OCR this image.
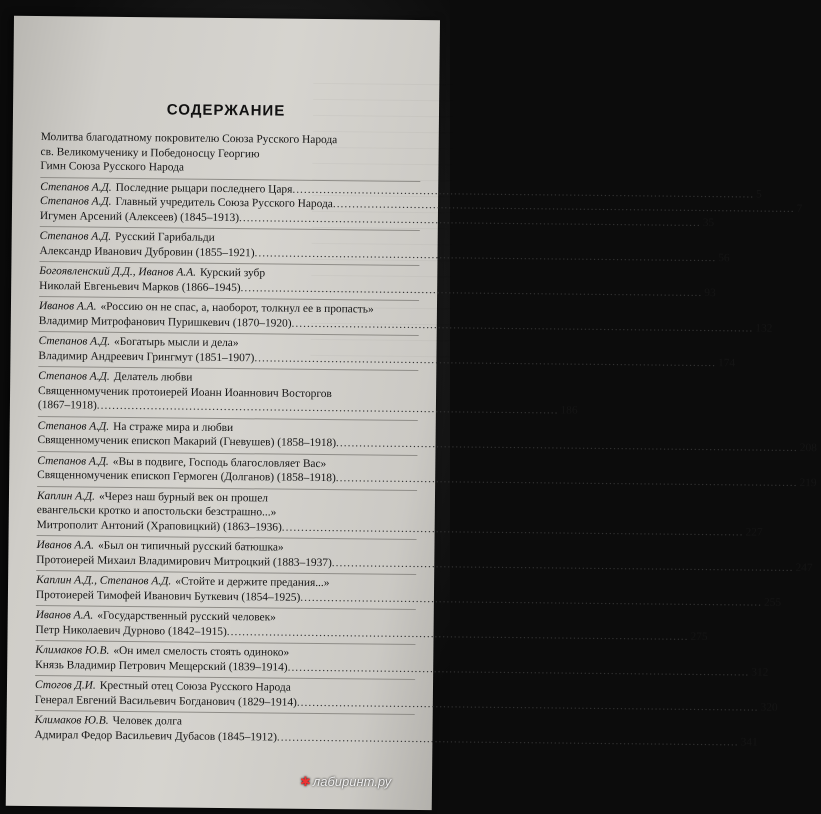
СОДЕРЖАНИЕ
Молитва благодатному покровителю Союза Русского Народа
св. Великомученику и Победоносцу Георгию
Гимн Союза Русского Народа
Степанов А.Д. Последние рыцари последнего Царя .....	5
Степанов А.Д. Главный учредитель Союза Русского Народа .....	7
Игумен Арсений (Алексеев) (1845–1913) .....	35
Степанов А.Д. Русский Гарибальди
Александр Иванович Дубровин (1855–1921) .....	56
Богоявленский Д.Д., Иванов А.А. Курский зубр
Николай Евгеньевич Марков (1866–1945) .....	93
Иванов А.А. «Россию он не спас, а, наоборот, толкнул ее в пропасть»
Владимир Митрофанович Пуришкевич (1870–1920) .....	132
Степанов А.Д. «Богатырь мысли и дела»
Владимир Андреевич Грингмут (1851–1907) .....	174
Степанов А.Д. Делатель любви
Священномученик протоиерей Иоанн Иоаннович Восторгов
(1867–1918) .....	186
Степанов А.Д. На страже мира и любви
Священномученик епископ Макарий (Гневушев) (1858–1918) .....	208
Степанов А.Д. «Вы в подвиге, Господь благословляет Вас»
Священномученик епископ Гермоген (Долганов) (1858–1918) .....	219
Каплин А.Д. «Через наш бурный век он прошел
евангельски кротко и апостольски безстрашно...»
Митрополит Антоний (Храповицкий) (1863–1936) .....	227
Иванов А.А. «Был он типичный русский батюшка»
Протоиерей Михаил Владимирович Митроцкий (1883–1937) .....	247
Каплин А.Д., Степанов А.Д. «Стойте и держите предания...»
Протоиерей Тимофей Иванович Буткевич (1854–1925) .....	255
Иванов А.А. «Государственный русский человек»
Петр Николаевич Дурново (1842–1915) .....	275
Климаков Ю.В. «Он имел смелость стоять одиноко»
Князь Владимир Петрович Мещерский (1839–1914) .....	312
Стогов Д.И. Крестный отец Союза Русского Народа
Генерал Евгений Васильевич Богданович (1829–1914) .....	320
Климаков Ю.В. Человек долга
Адмирал Федор Васильевич Дубасов (1845–1912) .....	341
✱ лабиринт.ру
